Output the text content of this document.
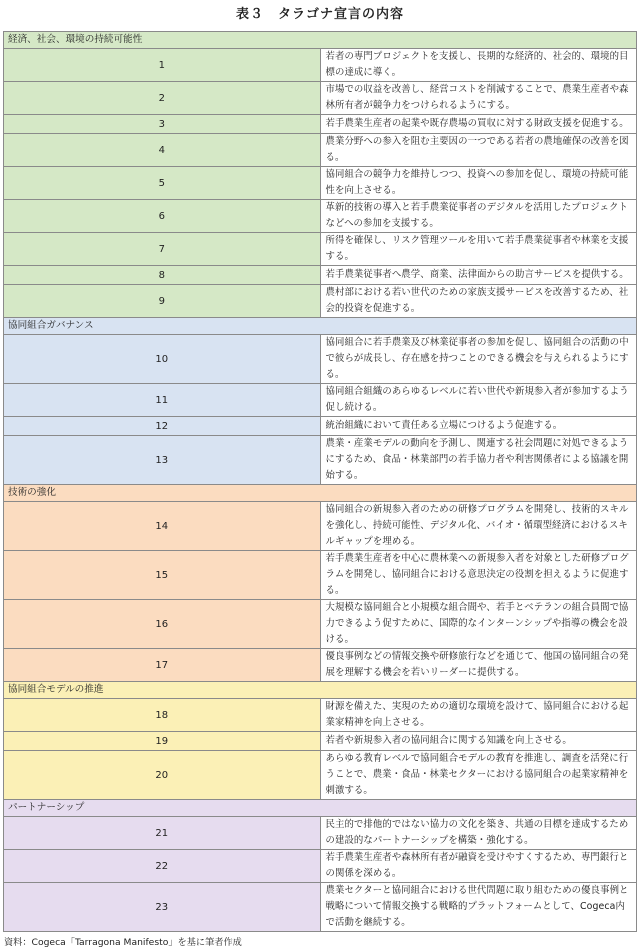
表３　タラゴナ宣言の内容
経済、社会、環境の持続可能性	
1	若者の専門プロジェクトを支援し、長期的な経済的、社会的、環境的目標の達成に導く。
2	市場での収益を改善し、経営コストを削減することで、農業生産者や森林所有者が競争力をつけられるようにする。
3	若手農業生産者の起業や既存農場の買収に対する財政支援を促進する。
4	農業分野への参入を阻む主要因の一つである若者の農地確保の改善を図る。
5	協同組合の競争力を維持しつつ、投資への参加を促し、環境の持続可能性を向上させる。
6	革新的技術の導入と若手農業従事者のデジタルを活用したプロジェクトなどへの参加を支援する。
7	所得を確保し、リスク管理ツールを用いて若手農業従事者や林業を支援する。
8	若手農業従事者へ農学、商業、法律面からの助言サービスを提供する。
9	農村部における若い世代のための家族支援サービスを改善するため、社会的投資を促進する。
協同組合ガバナンス	
10	協同組合に若手農業及び林業従事者の参加を促し、協同組合の活動の中で彼らが成長し、存在感を持つことのできる機会を与えられるようにする。
11	協同組合組織のあらゆるレベルに若い世代や新規参入者が参加するよう促し続ける。
12	統治組織において責任ある立場につけるよう促進する。
13	農業・産業モデルの動向を予測し、関連する社会問題に対処できるようにするため、食品・林業部門の若手協力者や利害関係者による協議を開始する。
技術の強化	
14	協同組合の新規参入者のための研修プログラムを開発し、技術的スキルを強化し、持続可能性、デジタル化、バイオ・循環型経済におけるスキルギャップを埋める。
15	若手農業生産者を中心に農林業への新規参入者を対象とした研修プログラムを開発し、協同組合における意思決定の役割を担えるように促進する。
16	大規模な協同組合と小規模な組合間や、若手とベテランの組合員間で協力できるよう促すために、国際的なインターンシップや指導の機会を設ける。
17	優良事例などの情報交換や研修旅行などを通じて、他国の協同組合の発展を理解する機会を若いリーダーに提供する。
協同組合モデルの推進	
18	財源を備えた、実現のための適切な環境を設けて、協同組合における起業家精神を向上させる。
19	若者や新規参入者の協同組合に関する知識を向上させる。
20	あらゆる教育レベルで協同組合モデルの教育を推進し、調査を活発に行うことで、農業・食品・林業セクターにおける協同組合の起業家精神を刺激する。
パートナーシップ	
21	民主的で排他的ではない協力の文化を築き、共通の目標を達成するための建設的なパートナーシップを構築・強化する。
22	若手農業生産者や森林所有者が融資を受けやすくするため、専門銀行との関係を深める。
23	農業セクターと協同組合における世代問題に取り組むための優良事例と戦略について情報交換する戦略的プラットフォームとして、Cogeca内で活動を継続する。
資料：Cogeca「Tarragona Manifesto」を基に筆者作成
